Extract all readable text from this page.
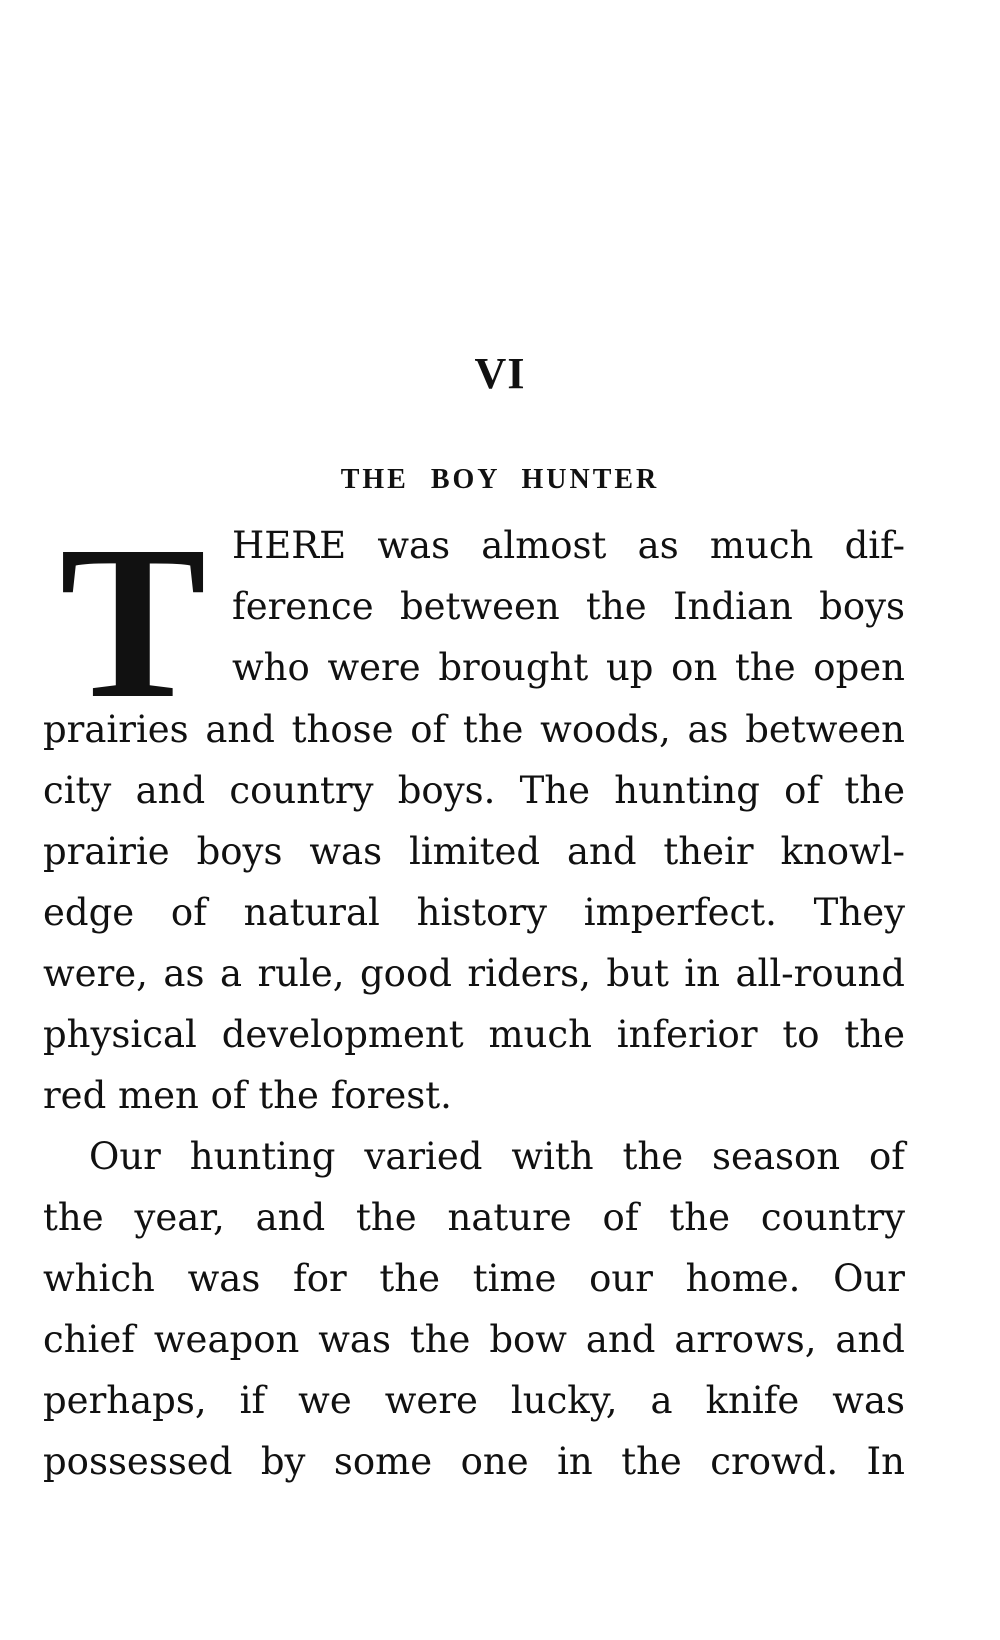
VI
THE BOY HUNTER
T HERE was almost as much dif-
ference between the Indian boys
who were brought up on the open
prairies and those of the woods, as between
city and country boys. The hunting of the
prairie boys was limited and their knowl-
edge of natural history imperfect. They
were, as a rule, good riders, but in all-round
physical development much inferior to the
red men of the forest.
Our hunting varied with the season of
the year, and the nature of the country
which was for the time our home. Our
chief weapon was the bow and arrows, and
perhaps, if we were lucky, a knife was
possessed by some one in the crowd. In
